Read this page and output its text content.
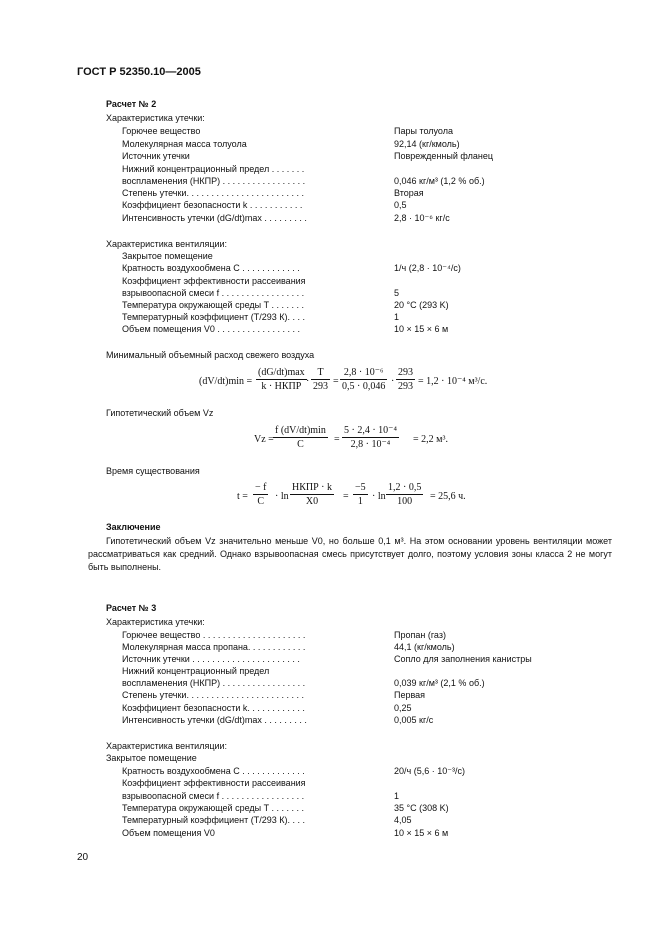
ГОСТ Р 52350.10—2005
Расчет № 2
Характеристика утечки:
Горючее вещество	Пары толуола
Молекулярная масса толуола	92,14 (кг/кмоль)
Источник утечки	Поврежденный фланец
Нижний концентрационный предел . . . . . . .
воспламенения (НКПР) . . . . . . . . . . . . . . . . .	0,046 кг/м³ (1,2 % об.)
Степень утечки. . . . . . . . . . . . . . . . . . . . . . . .	Вторая
Коэффициент безопасности k . . . . . . . . . . .	0,5
Интенсивность утечки (dG/dt)max . . . . . . . . .	2,8 · 10⁻⁶ кг/с
Характеристика вентиляции:
Закрытое помещение
Кратность воздухообмена C . . . . . . . . . . . .	1/ч (2,8 · 10⁻⁴/с)
Коэффициент эффективности рассеивания
взрывоопасной смеси f . . . . . . . . . . . . . . . . .	5
Температура окружающей среды T . . . . . . .	20 °C (293 K)
Температурный коэффициент (Т/293 К). . . .	1
Объем помещения V0 . . . . . . . . . . . . . . . . .	10 × 15 × 6 м
Минимальный объемный расход свежего воздуха
(dV/dt)min =
(dG/dt)max
k · НКПР ·
T
293 =
2,8 · 10⁻⁶
0,5 · 0,046 ·
293
293 = 1,2 · 10⁻⁴ м³/с.
Гипотетический объем Vz
Vz =
f (dV/dt)min
C	=
5 · 2,4 · 10⁻⁴
2,8 · 10⁻⁴ = 2,2 м³.
Время существования
t =
− f
C · ln
НКПР · k
X0 =
−5
1 · ln
1,2 · 0,5
100 = 25,6 ч.
Заключение
Гипотетический объем Vz значительно меньше V0, но больше 0,1 м³. На этом основании уровень вентиляции может рассматриваться как средний. Однако взрывоопасная смесь присутствует долго, поэтому условия зоны класса 2 не могут быть выполнены.
Расчет № 3
Характеристика утечки:
Горючее вещество . . . . . . . . . . . . . . . . . . . . .	Пропан (газ)
Молекулярная масса пропана. . . . . . . . . . . .	44,1 (кг/кмоль)
Источник утечки . . . . . . . . . . . . . . . . . . . . . .	Сопло для заполнения канистры
Нижний концентрационный предел
воспламенения (НКПР) . . . . . . . . . . . . . . . . .	0,039 кг/м³ (2,1 % об.)
Степень утечки. . . . . . . . . . . . . . . . . . . . . . . .	Первая
Коэффициент безопасности k. . . . . . . . . . . .	0,25
Интенсивность утечки (dG/dt)max . . . . . . . . .	0,005 кг/с
Характеристика вентиляции:
Закрытое помещение
Кратность воздухообмена C . . . . . . . . . . . . .	20/ч (5,6 · 10⁻³/с)
Коэффициент эффективности рассеивания
взрывоопасной смеси f . . . . . . . . . . . . . . . . .	1
Температура окружающей среды T . . . . . . .	35 °C (308 K)
Температурный коэффициент (Т/293 К). . . .	4,05
Объем помещения V0	10 × 15 × 6 м
20
